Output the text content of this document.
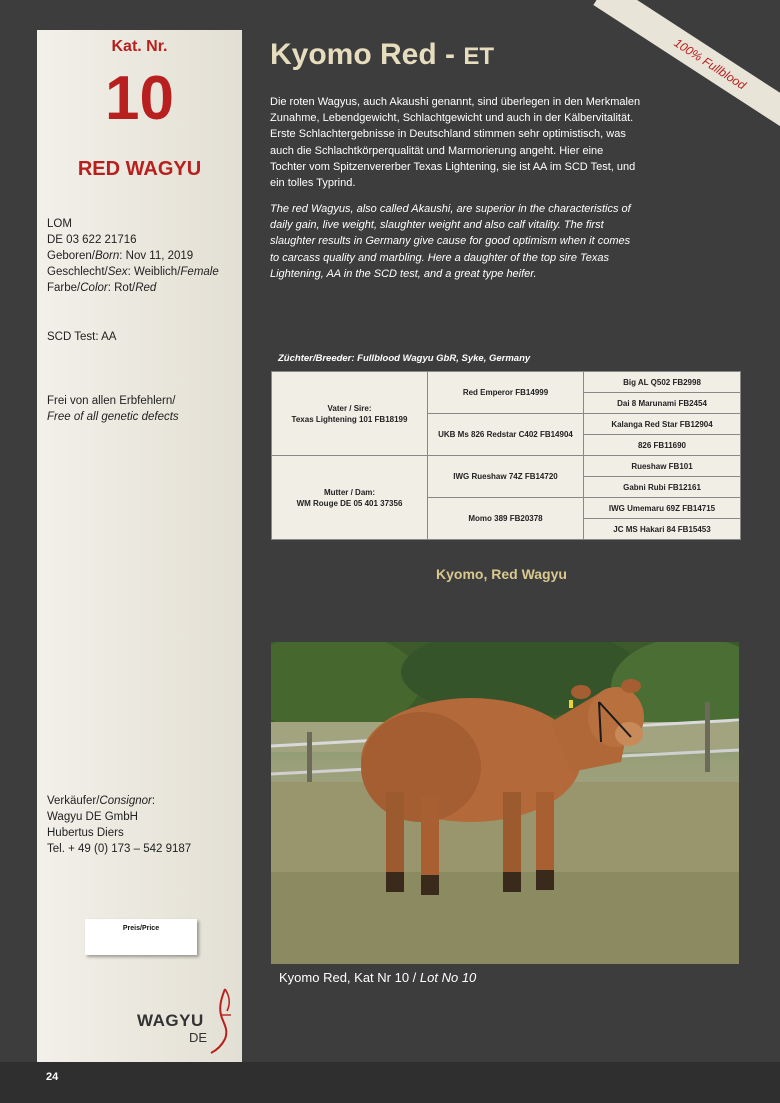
24
Kat. Nr.
10
RED WAGYU
LOM
DE 03 622 21716
Geboren/Born: Nov 11, 2019
Geschlecht/Sex: Weiblich/Female
Farbe/Color: Rot/Red
SCD Test: AA
Frei von allen Erbfehlern/
Free of all genetic defects
Verkäufer/Consignor:
Wagyu DE GmbH
Hubertus Diers
Tel. + 49 (0) 173 – 542 9187
Preis/Price
WAGYU
DE
100% Fullblood
Kyomo Red - ET
Die roten Wagyus, auch Akaushi genannt, sind überlegen in den Merkmalen Zunahme, Lebendgewicht, Schlachtgewicht und auch in der Kälbervitalität. Erste Schlachtergebnisse in Deutschland stimmen sehr optimistisch, was auch die Schlachtkörperqualität und Marmorierung angeht. Hier eine Tochter vom Spitzenvererber Texas Lightening, sie ist AA im SCD Test, und ein tolles Typrind.
The red Wagyus, also called Akaushi, are superior in the characteristics of daily gain, live weight, slaughter weight and also calf vitality. The first slaughter results in Germany give cause for good optimism when it comes to carcass quality and marbling. Here a daughter of the top sire Texas Lightening, AA in the SCD test, and a great type heifer.
Züchter/Breeder: Fullblood Wagyu GbR, Syke, Germany
Vater / Sire:
Texas Lightening 101 FB18199	Red Emperor FB14999	Big AL Q502 FB2998
		Dai 8 Marunami FB2454
	UKB Ms 826 Redstar C402 FB14904	Kalanga Red Star FB12904
		826 FB11690

Mutter / Dam:
WM Rouge DE 05 401 37356	IWG Rueshaw 74Z FB14720	Rueshaw FB101
		Gabni Rubi FB12161
	Momo 389 FB20378	IWG Umemaru 69Z FB14715
		JC MS Hakari 84 FB15453
Kyomo, Red Wagyu
Kyomo Red, Kat Nr 10 / Lot No 10
